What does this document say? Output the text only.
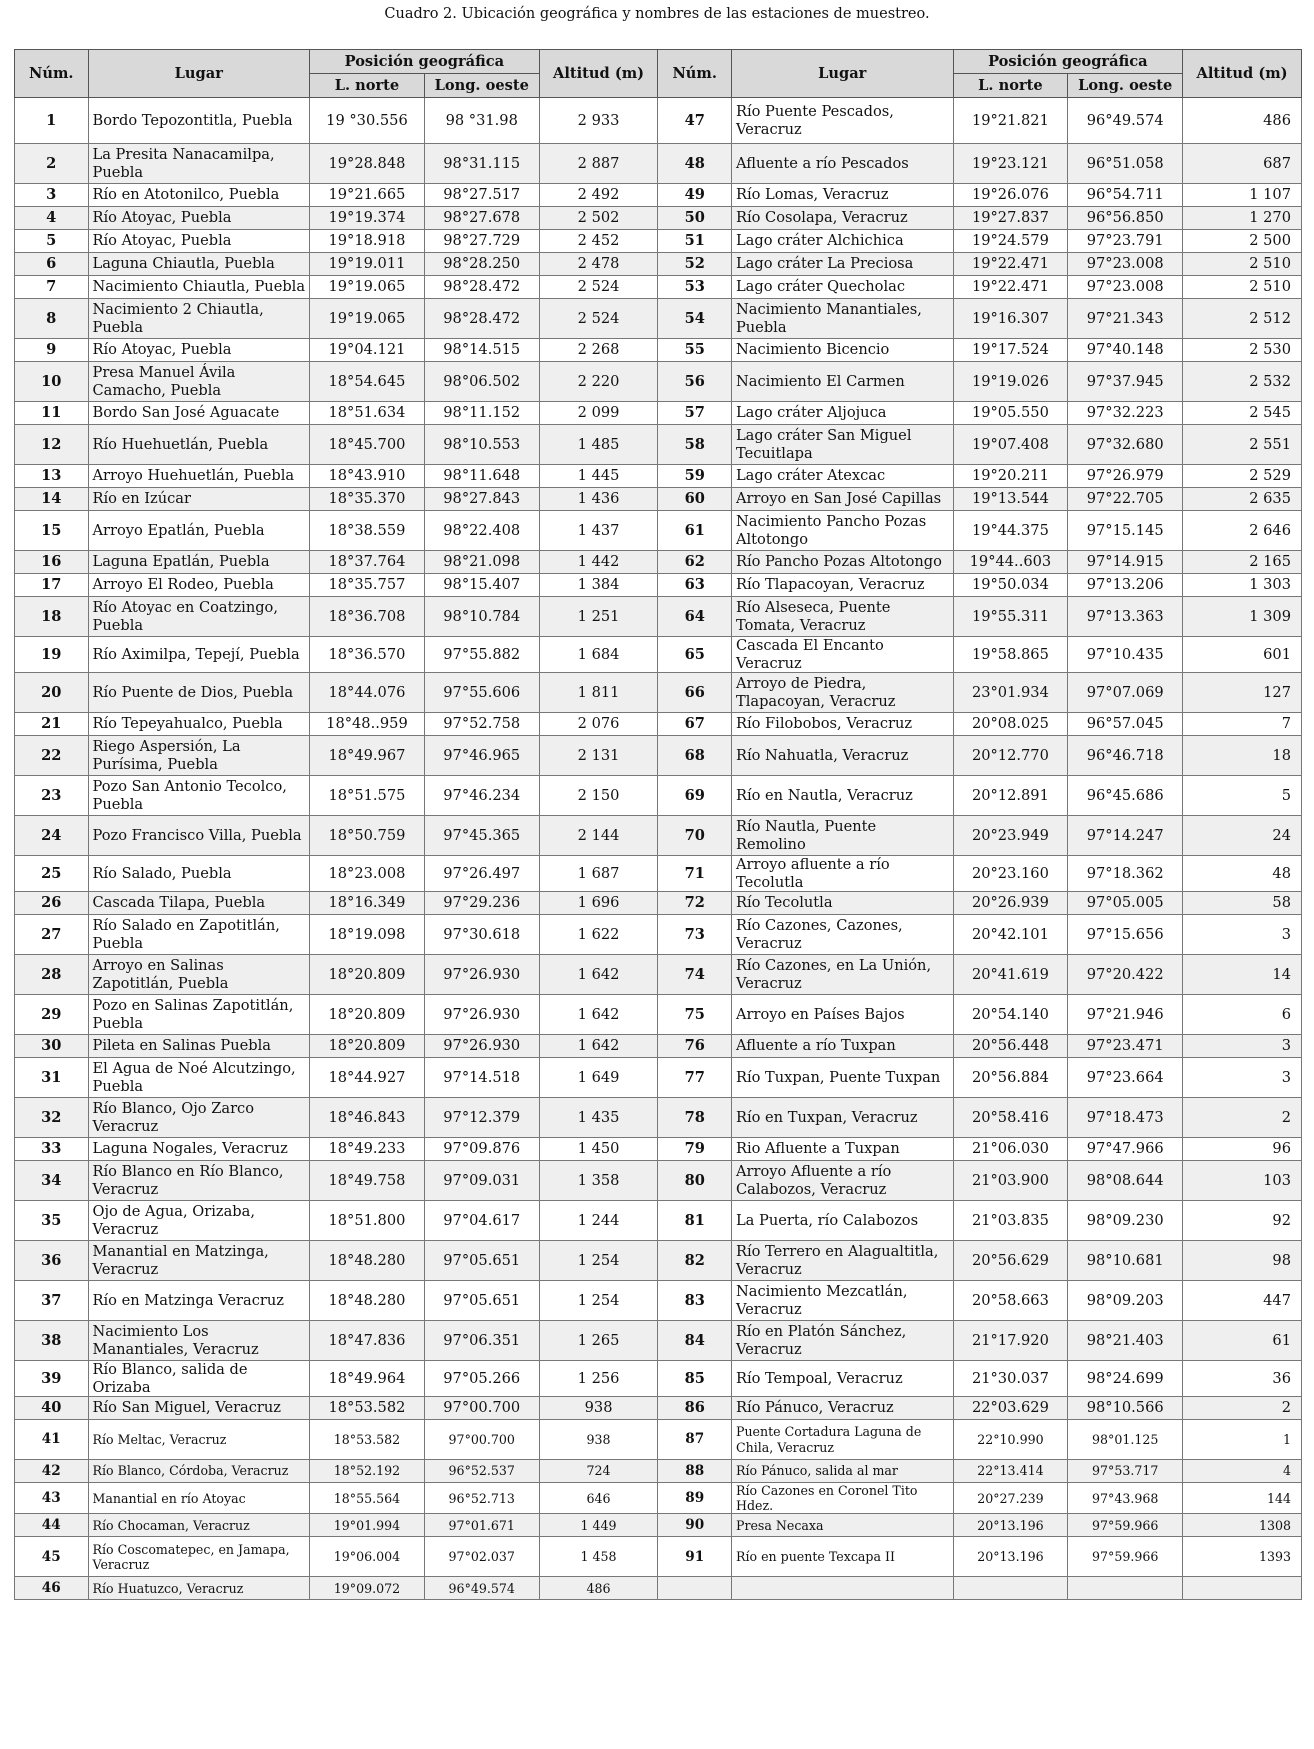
Cuadro 2. Ubicación geográfica y nombres de las estaciones de muestreo.
Núm.	Lugar	Posición geográfica		Altitud (m)	Núm.	Lugar	Posición geográfica		Altitud (m)
		L. norte	Long. oeste				L. norte	Long. oeste	
1	Bordo Tepozontitla, Puebla	19 °30.556	98 °31.98	2 933	47	Río Puente Pescados, Veracruz	19°21.821	96°49.574	486
2	La Presita Nanacamilpa, Puebla	19°28.848	98°31.115	2 887	48	Afluente a río Pescados	19°23.121	96°51.058	687
3	Río en Atotonilco, Puebla	19°21.665	98°27.517	2 492	49	Río Lomas, Veracruz	19°26.076	96°54.711	1 107
4	Río Atoyac, Puebla	19°19.374	98°27.678	2 502	50	Río Cosolapa, Veracruz	19°27.837	96°56.850	1 270
5	Río Atoyac, Puebla	19°18.918	98°27.729	2 452	51	Lago cráter Alchichica	19°24.579	97°23.791	2 500
6	Laguna Chiautla, Puebla	19°19.011	98°28.250	2 478	52	Lago cráter La Preciosa	19°22.471	97°23.008	2 510
7	Nacimiento Chiautla, Puebla	19°19.065	98°28.472	2 524	53	Lago cráter Quecholac	19°22.471	97°23.008	2 510
8	Nacimiento 2 Chiautla, Puebla	19°19.065	98°28.472	2 524	54	Nacimiento Manantiales, Puebla	19°16.307	97°21.343	2 512
9	Río Atoyac, Puebla	19°04.121	98°14.515	2 268	55	Nacimiento Bicencio	19°17.524	97°40.148	2 530
10	Presa Manuel Ávila Camacho, Puebla	18°54.645	98°06.502	2 220	56	Nacimiento El Carmen	19°19.026	97°37.945	2 532
11	Bordo San José Aguacate	18°51.634	98°11.152	2 099	57	Lago cráter Aljojuca	19°05.550	97°32.223	2 545
12	Río Huehuetlán, Puebla	18°45.700	98°10.553	1 485	58	Lago cráter San Miguel Tecuitlapa	19°07.408	97°32.680	2 551
13	Arroyo Huehuetlán, Puebla	18°43.910	98°11.648	1 445	59	Lago cráter Atexcac	19°20.211	97°26.979	2 529
14	Río en Izúcar	18°35.370	98°27.843	1 436	60	Arroyo en San José Capillas	19°13.544	97°22.705	2 635
15	Arroyo Epatlán, Puebla	18°38.559	98°22.408	1 437	61	Nacimiento Pancho Pozas Altotongo	19°44.375	97°15.145	2 646
16	Laguna Epatlán, Puebla	18°37.764	98°21.098	1 442	62	Río Pancho Pozas Altotongo	19°44..603	97°14.915	2 165
17	Arroyo El Rodeo, Puebla	18°35.757	98°15.407	1 384	63	Río Tlapacoyan, Veracruz	19°50.034	97°13.206	1 303
18	Río Atoyac en Coatzingo, Puebla	18°36.708	98°10.784	1 251	64	Río Alseseca, Puente Tomata, Veracruz	19°55.311	97°13.363	1 309
19	Río Aximilpa, Tepejí, Puebla	18°36.570	97°55.882	1 684	65	Cascada El Encanto Veracruz	19°58.865	97°10.435	601
20	Río Puente de Dios, Puebla	18°44.076	97°55.606	1 811	66	Arroyo de Piedra, Tlapacoyan, Veracruz	23°01.934	97°07.069	127
21	Río Tepeyahualco, Puebla	18°48..959	97°52.758	2 076	67	Río Filobobos, Veracruz	20°08.025	96°57.045	7
22	Riego Aspersión, La Purísima, Puebla	18°49.967	97°46.965	2 131	68	Río Nahuatla, Veracruz	20°12.770	96°46.718	18
23	Pozo San Antonio Tecolco, Puebla	18°51.575	97°46.234	2 150	69	Río en Nautla, Veracruz	20°12.891	96°45.686	5
24	Pozo Francisco Villa, Puebla	18°50.759	97°45.365	2 144	70	Río Nautla, Puente Remolino	20°23.949	97°14.247	24
25	Río Salado, Puebla	18°23.008	97°26.497	1 687	71	Arroyo afluente a río Tecolutla	20°23.160	97°18.362	48
26	Cascada Tilapa, Puebla	18°16.349	97°29.236	1 696	72	Río Tecolutla	20°26.939	97°05.005	58
27	Río Salado en Zapotitlán, Puebla	18°19.098	97°30.618	1 622	73	Río Cazones, Cazones, Veracruz	20°42.101	97°15.656	3
28	Arroyo en Salinas Zapotitlán, Puebla	18°20.809	97°26.930	1 642	74	Río Cazones, en La Unión, Veracruz	20°41.619	97°20.422	14
29	Pozo en Salinas Zapotitlán, Puebla	18°20.809	97°26.930	1 642	75	Arroyo en Países Bajos	20°54.140	97°21.946	6
30	Pileta en Salinas Puebla	18°20.809	97°26.930	1 642	76	Afluente a río Tuxpan	20°56.448	97°23.471	3
31	El Agua de Noé Alcutzingo, Puebla	18°44.927	97°14.518	1 649	77	Río Tuxpan, Puente Tuxpan	20°56.884	97°23.664	3
32	Río Blanco, Ojo Zarco Veracruz	18°46.843	97°12.379	1 435	78	Río en Tuxpan, Veracruz	20°58.416	97°18.473	2
33	Laguna Nogales, Veracruz	18°49.233	97°09.876	1 450	79	Rio Afluente a Tuxpan	21°06.030	97°47.966	96
34	Río Blanco en Río Blanco, Veracruz	18°49.758	97°09.031	1 358	80	Arroyo Afluente a río Calabozos, Veracruz	21°03.900	98°08.644	103
35	Ojo de Agua, Orizaba, Veracruz	18°51.800	97°04.617	1 244	81	La Puerta, río Calabozos	21°03.835	98°09.230	92
36	Manantial en Matzinga, Veracruz	18°48.280	97°05.651	1 254	82	Río Terrero en Alagualtitla, Veracruz	20°56.629	98°10.681	98
37	Río en Matzinga Veracruz	18°48.280	97°05.651	1 254	83	Nacimiento Mezcatlán, Veracruz	20°58.663	98°09.203	447
38	Nacimiento Los Manantiales, Veracruz	18°47.836	97°06.351	1 265	84	Río en Platón Sánchez, Veracruz	21°17.920	98°21.403	61
39	Río Blanco, salida de Orizaba	18°49.964	97°05.266	1 256	85	Río Tempoal, Veracruz	21°30.037	98°24.699	36
40	Río San Miguel, Veracruz	18°53.582	97°00.700	938	86	Río Pánuco, Veracruz	22°03.629	98°10.566	2
41	Río Meltac, Veracruz	18°53.582	97°00.700	938	87	Puente Cortadura Laguna de Chila, Veracruz	22°10.990	98°01.125	1
42	Río Blanco, Córdoba, Veracruz	18°52.192	96°52.537	724	88	Río Pánuco, salida al mar	22°13.414	97°53.717	4
43	Manantial en río Atoyac	18°55.564	96°52.713	646	89	Río Cazones en Coronel Tito Hdez.	20°27.239	97°43.968	144
44	Río Chocaman, Veracruz	19°01.994	97°01.671	1 449	90	Presa Necaxa	20°13.196	97°59.966	1308
45	Río Coscomatepec, en Jamapa, Veracruz	19°06.004	97°02.037	1 458	91	Río en puente Texcapa II	20°13.196	97°59.966	1393
46	Río Huatuzco, Veracruz	19°09.072	96°49.574	486					
